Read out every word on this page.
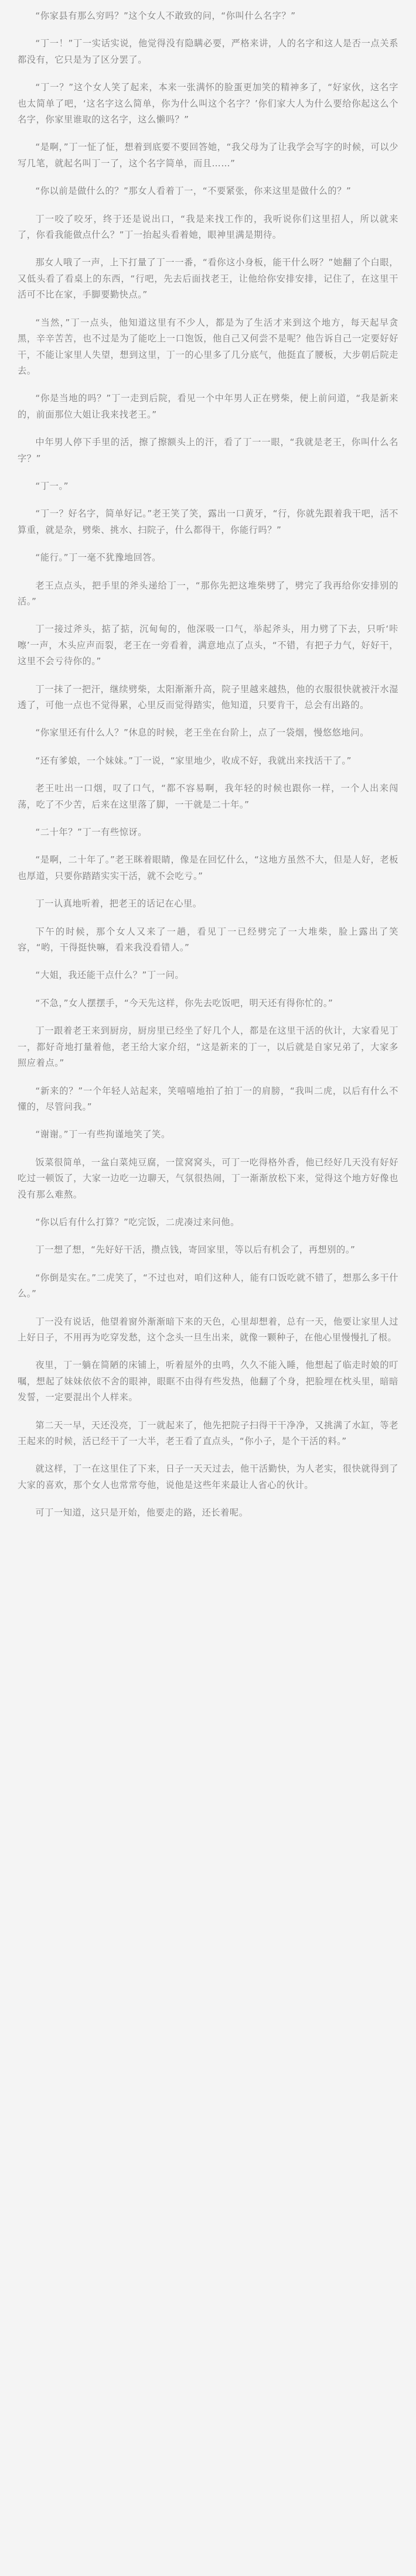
“你家县有那么穷吗？”这个女人不敢致的问，“你叫什么名字？”

“丁一！”丁一实话实说，他觉得没有隐瞒必要，严格来讲，人的名字和这人是否一点关系都没有，它只是为了区分罢了。

“丁一？”这个女人笑了起来，本来一张满怀的脸蛋更加笑的精神多了，“好家伙，这名字也太简单了吧，‘这名字这么简单，你为什么叫这个名字？’你们家大人为什么要给你起这么个名字，你家里谁取的这名字，这么懒吗？”

“是啊，”丁一怔了怔，想着到底要不要回答她，“我父母为了让我学会写字的时候，可以少写几笔，就起名叫丁一了，这个名字简单，而且……”

“你以前是做什么的？”那女人看着丁一，“不要紧张，你来这里是做什么的？”

丁一咬了咬牙，终于还是说出口，“我是来找工作的，我听说你们这里招人，所以就来了，你看我能做点什么？”丁一抬起头看着她，眼神里满是期待。

那女人哦了一声，上下打量了丁一一番，“看你这小身板，能干什么呀？”她翻了个白眼，又低头看了看桌上的东西，“行吧，先去后面找老王，让他给你安排安排，记住了，在这里干活可不比在家，手脚要勤快点。”

“当然，”丁一点头，他知道这里有不少人，都是为了生活才来到这个地方，每天起早贪黑，辛辛苦苦，也不过是为了能吃上一口饱饭，他自己又何尝不是呢？他告诉自己一定要好好干，不能让家里人失望，想到这里，丁一的心里多了几分底气，他挺直了腰板，大步朝后院走去。

“你是当地的吗？”丁一走到后院，看见一个中年男人正在劈柴，便上前问道，“我是新来的，前面那位大姐让我来找老王。”

中年男人停下手里的活，擦了擦额头上的汗，看了丁一一眼，“我就是老王，你叫什么名字？”

“丁一。”

“丁一？好名字，简单好记。”老王笑了笑，露出一口黄牙，“行，你就先跟着我干吧，活不算重，就是杂，劈柴、挑水、扫院子，什么都得干，你能行吗？”

“能行。”丁一毫不犹豫地回答。

老王点点头，把手里的斧头递给丁一，“那你先把这堆柴劈了，劈完了我再给你安排别的活。”

丁一接过斧头，掂了掂，沉甸甸的，他深吸一口气，举起斧头，用力劈了下去，只听‘咔嚓’一声，木头应声而裂，老王在一旁看着，满意地点了点头，“不错，有把子力气，好好干，这里不会亏待你的。”

丁一抹了一把汗，继续劈柴，太阳渐渐升高，院子里越来越热，他的衣服很快就被汗水湿透了，可他一点也不觉得累，心里反而觉得踏实，他知道，只要肯干，总会有出路的。

“你家里还有什么人？”休息的时候，老王坐在台阶上，点了一袋烟，慢悠悠地问。

“还有爹娘，一个妹妹。”丁一说，“家里地少，收成不好，我就出来找活干了。”

老王吐出一口烟，叹了口气，“都不容易啊，我年轻的时候也跟你一样，一个人出来闯荡，吃了不少苦，后来在这里落了脚，一干就是二十年。”

“二十年？”丁一有些惊讶。

“是啊，二十年了。”老王眯着眼睛，像是在回忆什么，“这地方虽然不大，但是人好，老板也厚道，只要你踏踏实实干活，就不会吃亏。”

丁一认真地听着，把老王的话记在心里。

下午的时候，那个女人又来了一趟，看见丁一已经劈完了一大堆柴，脸上露出了笑容，“哟，干得挺快嘛，看来我没看错人。”

“大姐，我还能干点什么？”丁一问。

“不急，”女人摆摆手，“今天先这样，你先去吃饭吧，明天还有得你忙的。”

丁一跟着老王来到厨房，厨房里已经坐了好几个人，都是在这里干活的伙计，大家看见丁一，都好奇地打量着他，老王给大家介绍，“这是新来的丁一，以后就是自家兄弟了，大家多照应着点。”

“新来的？”一个年轻人站起来，笑嘻嘻地拍了拍丁一的肩膀，“我叫二虎，以后有什么不懂的，尽管问我。”

“谢谢。”丁一有些拘谨地笑了笑。

饭菜很简单，一盆白菜炖豆腐，一筐窝窝头，可丁一吃得格外香，他已经好几天没有好好吃过一顿饭了，大家一边吃一边聊天，气氛很热闹，丁一渐渐放松下来，觉得这个地方好像也没有那么难熬。

“你以后有什么打算？”吃完饭，二虎凑过来问他。

丁一想了想，“先好好干活，攒点钱，寄回家里，等以后有机会了，再想别的。”

“你倒是实在。”二虎笑了，“不过也对，咱们这种人，能有口饭吃就不错了，想那么多干什么。”

丁一没有说话，他望着窗外渐渐暗下来的天色，心里却想着，总有一天，他要让家里人过上好日子，不用再为吃穿发愁，这个念头一旦生出来，就像一颗种子，在他心里慢慢扎了根。

夜里，丁一躺在简陋的床铺上，听着屋外的虫鸣，久久不能入睡，他想起了临走时娘的叮嘱，想起了妹妹依依不舍的眼神，眼眶不由得有些发热，他翻了个身，把脸埋在枕头里，暗暗发誓，一定要混出个人样来。

第二天一早，天还没亮，丁一就起来了，他先把院子扫得干干净净，又挑满了水缸，等老王起来的时候，活已经干了一大半，老王看了直点头，“你小子，是个干活的料。”

就这样，丁一在这里住了下来，日子一天天过去，他干活勤快，为人老实，很快就得到了大家的喜欢，那个女人也常常夸他，说他是这些年来最让人省心的伙计。

可丁一知道，这只是开始，他要走的路，还长着呢。
